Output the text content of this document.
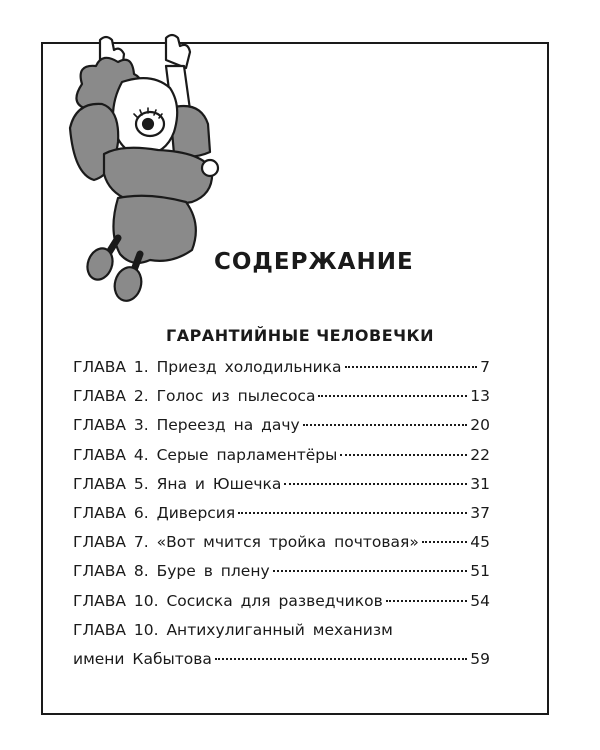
СОДЕРЖАНИЕ
ГАРАНТИЙНЫЕ ЧЕЛОВЕЧКИ
ГЛАВА 1. Приезд холодильника	7
ГЛАВА 2. Голос из пылесоса	13
ГЛАВА 3. Переезд на дачу	20
ГЛАВА 4. Серые парламентёры	22
ГЛАВА 5. Яна и Юшечка	31
ГЛАВА 6. Диверсия	37
ГЛАВА 7. «Вот мчится тройка почтовая»	45
ГЛАВА 8. Буре в плену	51
ГЛАВА 10. Сосиска для разведчиков	54
ГЛАВА 10. Антихулиганный механизм
имени Кабытова	59
